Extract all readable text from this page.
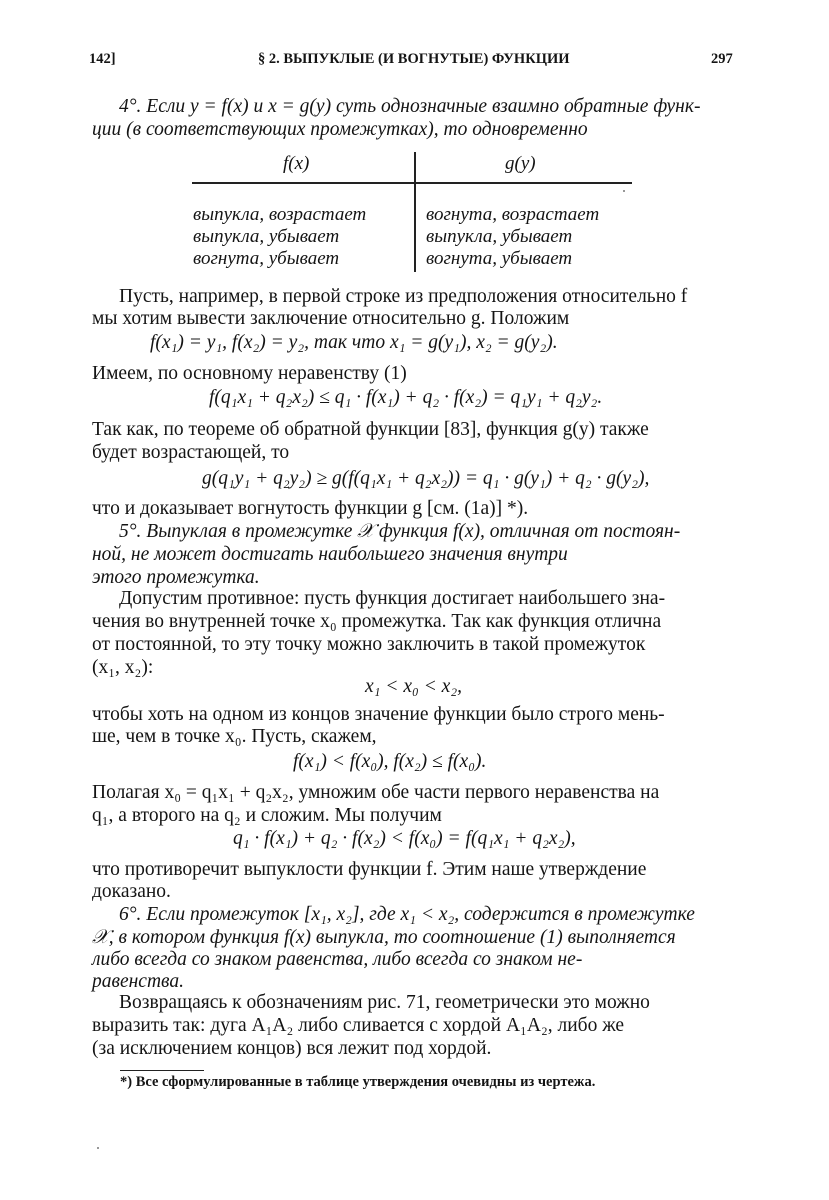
142]	§ 2. ВЫПУКЛЫЕ (И ВОГНУТЫЕ) ФУНКЦИИ	297
4°. Если y = f(x) и x = g(y) суть однозначные взаимно обратные функ-
ции (в соответствующих промежутках), то одновременно
f(x)	g(y)
выпукла, возрастает	вогнута, возрастает
выпукла, убывает	выпукла, убывает
вогнута, убывает	вогнута, убывает
Пусть, например, в первой строке из предположения относительно f
мы хотим вывести заключение относительно g. Положим
f(x₁) = y₁, f(x₂) = y₂, так что x₁ = g(y₁), x₂ = g(y₂).
Имеем, по основному неравенству (1)
f(q₁x₁ + q₂x₂) ≤ q₁ · f(x₁) + q₂ · f(x₂) = q₁y₁ + q₂y₂.
Так как, по теореме об обратной функции [83], функция g(y) также
будет возрастающей, то
g(q₁y₁ + q₂y₂) ≥ g(f(q₁x₁ + q₂x₂)) = q₁ · g(y₁) + q₂ · g(y₂),
что и доказывает вогнутость функции g [см. (1a)] *).
5°. Выпуклая в промежутке 𝒳 функция f(x), отличная от постоян-
ной, не может достигать наибольшего значения внутри
этого промежутка.
Допустим противное: пусть функция достигает наибольшего зна-
чения во внутренней точке x₀ промежутка. Так как функция отлична
от постоянной, то эту точку можно заключить в такой промежуток
(x₁, x₂):
x₁ < x₀ < x₂,
чтобы хоть на одном из концов значение функции было строго мень-
ше, чем в точке x₀. Пусть, скажем,
f(x₁) < f(x₀), f(x₂) ≤ f(x₀).
Полагая x₀ = q₁x₁ + q₂x₂, умножим обе части первого неравенства на
q₁, а второго на q₂ и сложим. Мы получим
q₁ · f(x₁) + q₂ · f(x₂) < f(x₀) = f(q₁x₁ + q₂x₂),
что противоречит выпуклости функции f. Этим наше утверждение
доказано.
6°. Если промежуток [x₁, x₂], где x₁ < x₂, содержится в промежутке
𝒳, в котором функция f(x) выпукла, то соотношение (1) выполняется
либо всегда со знаком равенства, либо всегда со знаком не-
равенства.
Возвращаясь к обозначениям рис. 71, геометрически это можно
выразить так: дуга A₁A₂ либо сливается с хордой A₁A₂, либо же
(за исключением концов) вся лежит под хордой.
*) Все сформулированные в таблице утверждения очевидны из чертежа.
